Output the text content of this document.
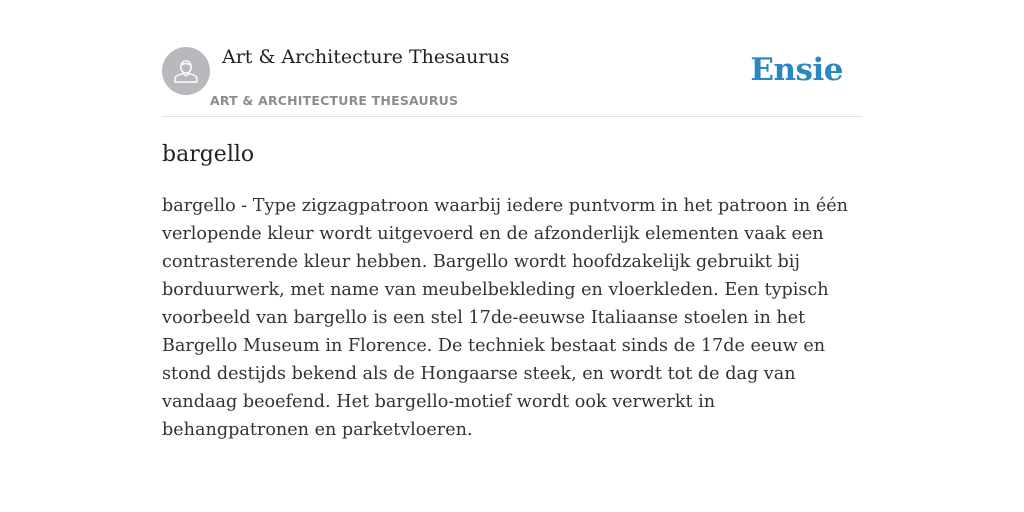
Art & Architecture Thesaurus
ART & ARCHITECTURE THESAURUS
Ensie
bargello

bargello - Type zigzagpatroon waarbij iedere puntvorm in het patroon in één verlopende kleur wordt uitgevoerd en de afzonderlijk elementen vaak een contrasterende kleur hebben. Bargello wordt hoofdzakelijk gebruikt bij borduurwerk, met name van meubelbekleding en vloerkleden. Een typisch voorbeeld van bargello is een stel 17de-eeuwse Italiaanse stoelen in het Bargello Museum in Florence. De techniek bestaat sinds de 17de eeuw en stond destijds bekend als de Hongaarse steek, en wordt tot de dag van vandaag beoefend. Het bargello-motief wordt ook verwerkt in behangpatronen en parketvloeren.
